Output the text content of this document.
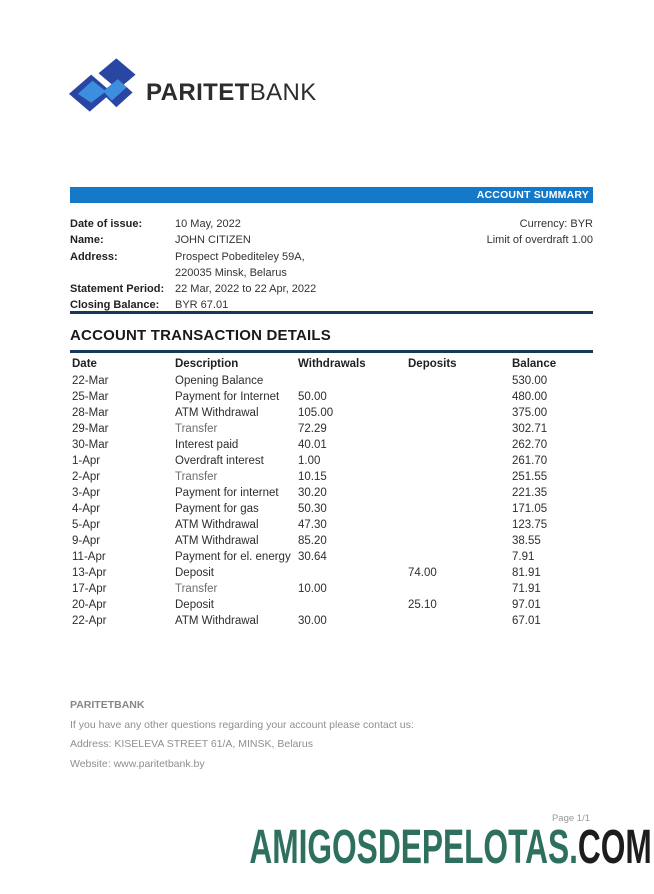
PARITETBANK
ACCOUNT SUMMARY
Date of issue:	10 May, 2022
Name:	JOHN CITIZEN
Address:	Prospect Pobediteley 59A,
220035 Minsk, Belarus
Statement Period: 22 Mar, 2022 to 22 Apr, 2022
Closing Balance:	BYR 67.01
Currency: BYR
Limit of overdraft 1.00
ACCOUNT TRANSACTION DETAILS
Date	Description	Withdrawals	Deposits	Balance
22-Mar	Opening Balance			530.00
25-Mar	Payment for Internet	50.00		480.00
28-Mar	ATM Withdrawal	105.00		375.00
29-Mar	Transfer	72.29		302.71
30-Mar	Interest paid	40.01		262.70
1-Apr	Overdraft interest	1.00		261.70
2-Apr	Transfer	10.15		251.55
3-Apr	Payment for internet	30.20		221.35
4-Apr	Payment for gas	50.30		171.05
5-Apr	ATM Withdrawal	47.30		123.75
9-Apr	ATM Withdrawal	85.20		38.55
11-Apr	Payment for el. energy	30.64		7.91
13-Apr	Deposit		74.00	81.91
17-Apr	Transfer	10.00		71.91
20-Apr	Deposit		25.10	97.01
22-Apr	ATM Withdrawal	30.00		67.01
PARITETBANK
If you have any other questions regarding your account please contact us:
Address: KISELEVA STREET 61/A, MINSK, Belarus
Website: www.paritetbank.by
Page 1/1
AMIGOSDEPELOTAS.COM
